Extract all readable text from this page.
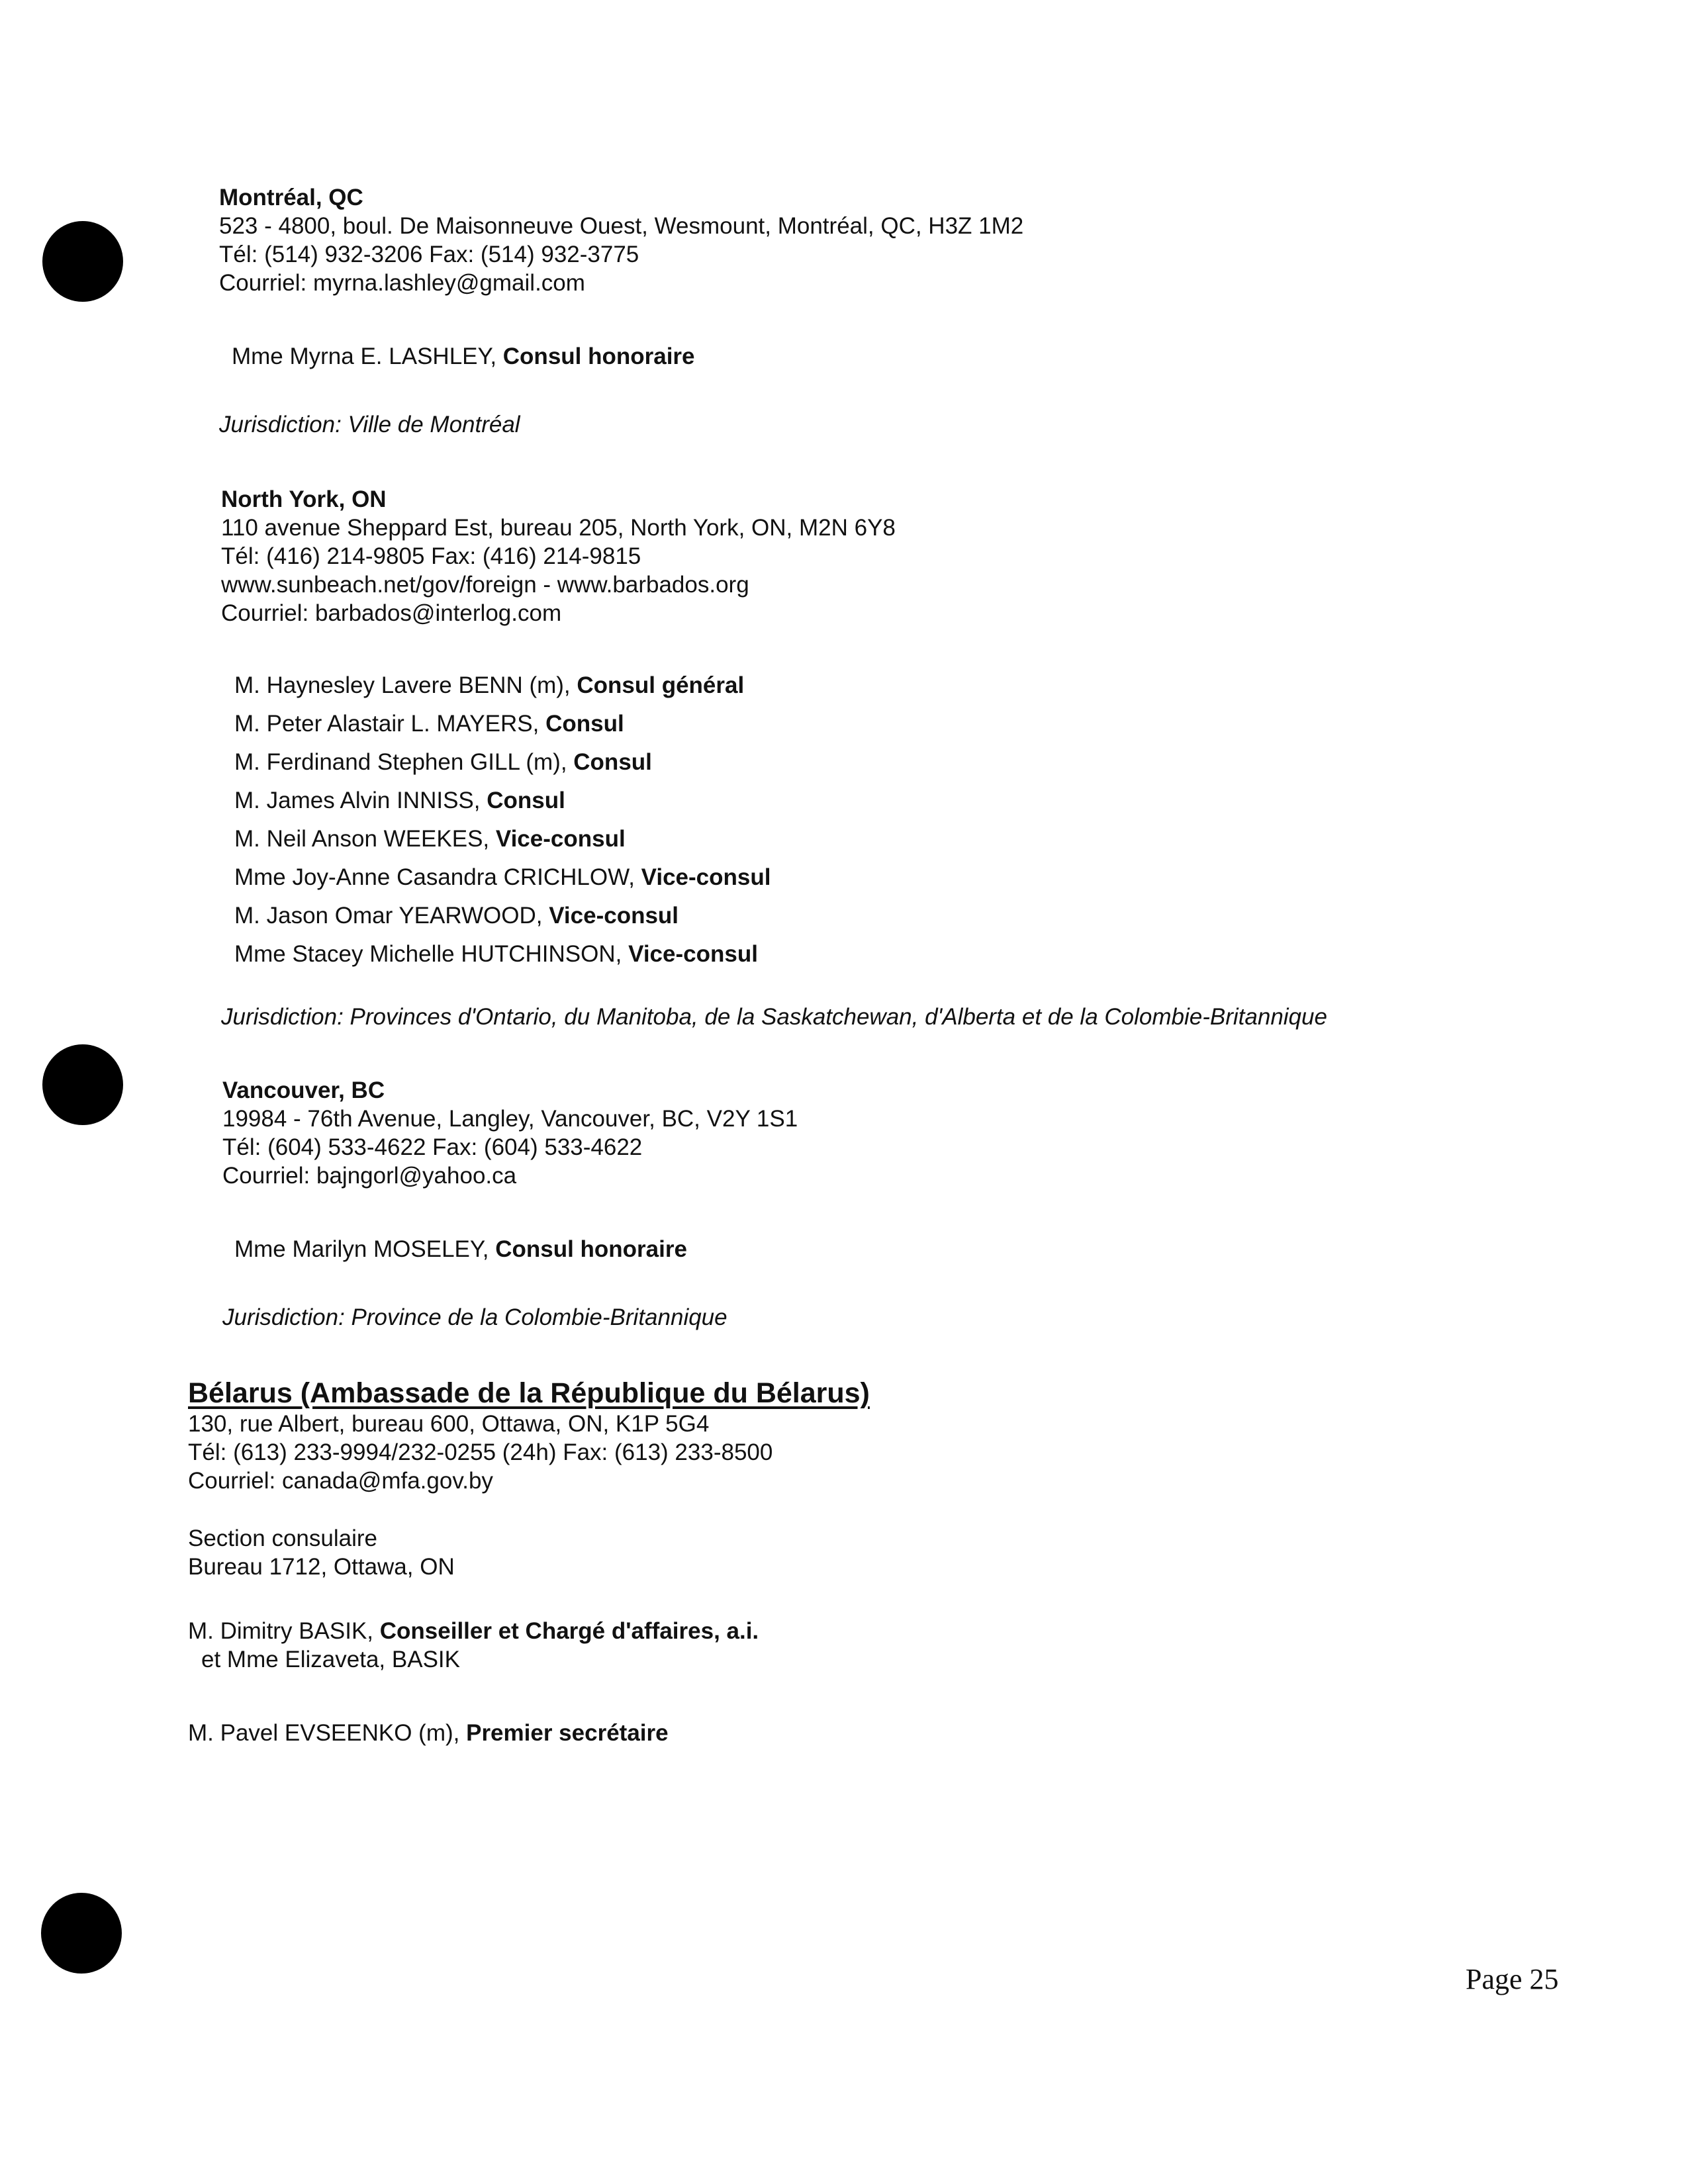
Montréal, QC
523 - 4800, boul. De Maisonneuve Ouest, Wesmount, Montréal, QC, H3Z 1M2
Tél: (514) 932-3206 Fax: (514) 932-3775
Courriel: myrna.lashley@gmail.com
Mme Myrna E. LASHLEY, Consul honoraire
Jurisdiction: Ville de Montréal
North York, ON
110 avenue Sheppard Est, bureau 205, North York, ON, M2N 6Y8
Tél: (416) 214-9805 Fax: (416) 214-9815
www.sunbeach.net/gov/foreign - www.barbados.org
Courriel: barbados@interlog.com
M. Haynesley Lavere BENN (m), Consul général
M. Peter Alastair L. MAYERS, Consul
M. Ferdinand Stephen GILL (m), Consul
M. James Alvin INNISS, Consul
M. Neil Anson WEEKES, Vice-consul
Mme Joy-Anne Casandra CRICHLOW, Vice-consul
M. Jason Omar YEARWOOD, Vice-consul
Mme Stacey Michelle HUTCHINSON, Vice-consul
Jurisdiction: Provinces d'Ontario, du Manitoba, de la Saskatchewan, d'Alberta et de la Colombie-Britannique
Vancouver, BC
19984 - 76th Avenue, Langley, Vancouver, BC, V2Y 1S1
Tél: (604) 533-4622 Fax: (604) 533-4622
Courriel: bajngorl@yahoo.ca
Mme Marilyn MOSELEY, Consul honoraire
Jurisdiction: Province de la Colombie-Britannique
Bélarus (Ambassade de la République du Bélarus)
130, rue Albert, bureau 600, Ottawa, ON, K1P 5G4
Tél: (613) 233-9994/232-0255 (24h) Fax: (613) 233-8500
Courriel: canada@mfa.gov.by
Section consulaire
Bureau 1712, Ottawa, ON
M. Dimitry BASIK, Conseiller et Chargé d'affaires, a.i.
et Mme Elizaveta, BASIK
M. Pavel EVSEENKO (m), Premier secrétaire
Page 25
